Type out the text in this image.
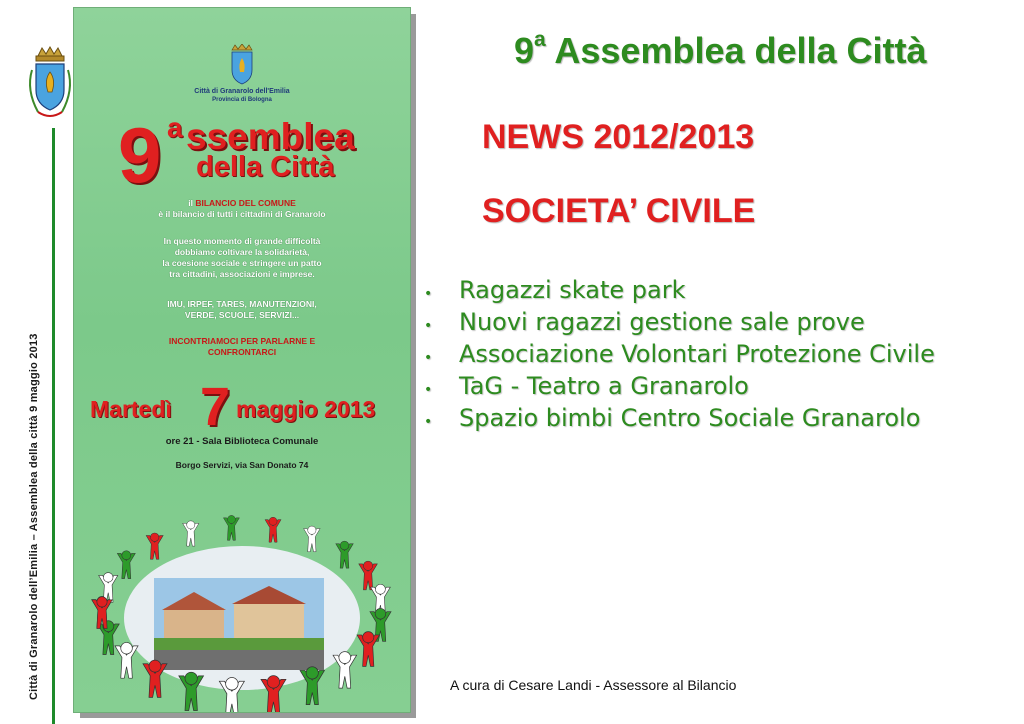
Città di Granarolo dell’Emilia – Assemblea della città 9 maggio 2013
Città di Granarolo dell'Emilia
Provincia di Bologna
9 a ssemblea
della Città
il BILANCIO DEL COMUNE
è il bilancio di tutti i cittadini di Granarolo
In questo momento di grande difficoltà
dobbiamo coltivare la solidarietà,
la coesione sociale e stringere un patto
tra cittadini, associazioni e imprese.
IMU, IRPEF, TARES, MANUTENZIONI,
VERDE, SCUOLE, SERVIZI...
INCONTRIAMOCI PER PARLARNE E
CONFRONTARCI
Martedì 7 maggio 2013
ore 21 - Sala Biblioteca Comunale
Borgo Servizi, via San Donato 74
9$^a$ Assemblea della Città
NEWS 2012/2013
SOCIETA’ CIVILE
•	Ragazzi skate park
•	Nuovi ragazzi gestione sale prove
•	Associazione Volontari Protezione Civile
•	TaG - Teatro a Granarolo
•	Spazio bimbi Centro Sociale Granarolo
A cura di Cesare Landi - Assessore al Bilancio
